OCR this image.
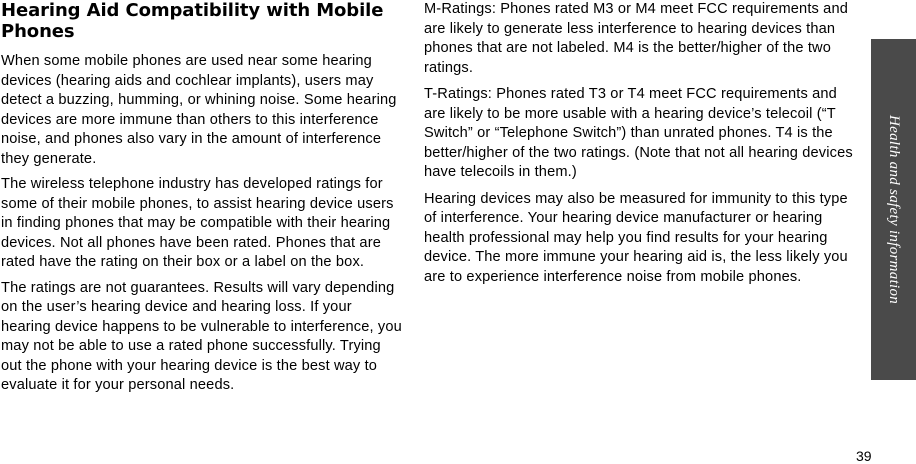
Hearing Aid Compatibility with Mobile Phones

When some mobile phones are used near some hearing devices (hearing aids and cochlear implants), users may detect a buzzing, humming, or whining noise. Some hearing devices are more immune than others to this interference noise, and phones also vary in the amount of interference they generate.

The wireless telephone industry has developed ratings for some of their mobile phones, to assist hearing device users in finding phones that may be compatible with their hearing devices. Not all phones have been rated. Phones that are rated have the rating on their box or a label on the box.

The ratings are not guarantees. Results will vary depending on the user’s hearing device and hearing loss. If your hearing device happens to be vulnerable to interference, you may not be able to use a rated phone successfully. Trying out the phone with your hearing device is the best way to evaluate it for your personal needs.

M-Ratings: Phones rated M3 or M4 meet FCC requirements and are likely to generate less interference to hearing devices than phones that are not labeled. M4 is the better/higher of the two ratings.

T-Ratings: Phones rated T3 or T4 meet FCC requirements and are likely to be more usable with a hearing device’s telecoil (“T Switch” or “Telephone Switch”) than unrated phones. T4 is the better/higher of the two ratings. (Note that not all hearing devices have telecoils in them.)

Hearing devices may also be measured for immunity to this type of interference. Your hearing device manufacturer or hearing health professional may help you find results for your hearing device. The more immune your hearing aid is, the less likely you are to experience interference noise from mobile phones.	Health and safety information
39
